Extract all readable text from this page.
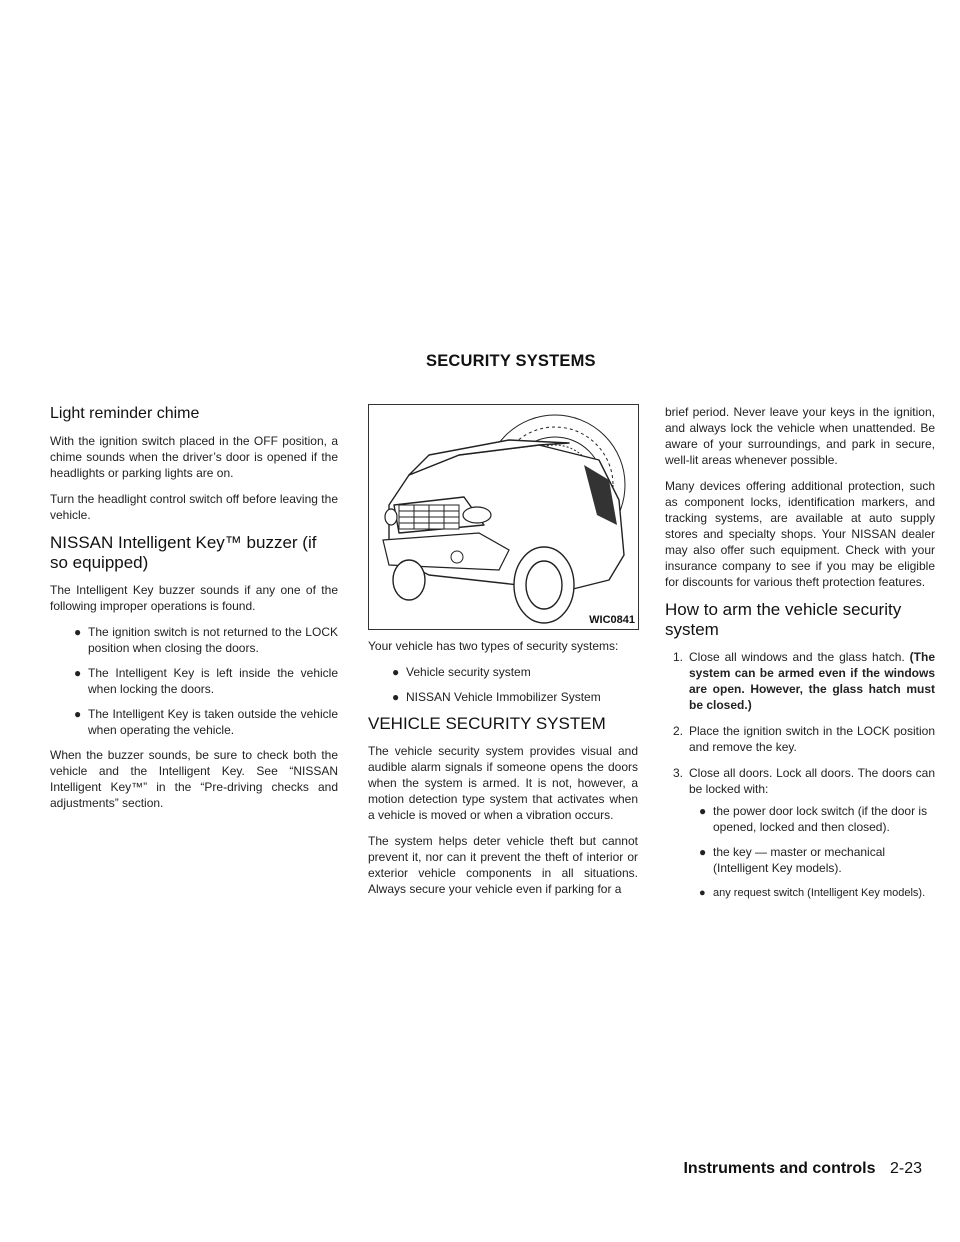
SECURITY SYSTEMS
Light reminder chime

With the ignition switch placed in the OFF position, a chime sounds when the driver’s door is opened if the headlights or parking lights are on.

Turn the headlight control switch off before leaving the vehicle.

NISSAN Intelligent Key™ buzzer (if so equipped)

The Intelligent Key buzzer sounds if any one of the following improper operations is found.

● The ignition switch is not returned to the LOCK position when closing the doors.
● The Intelligent Key is left inside the vehicle when locking the doors.
● The Intelligent Key is taken outside the vehicle when operating the vehicle.

When the buzzer sounds, be sure to check both the vehicle and the Intelligent Key. See “NISSAN Intelligent Key™” in the “Pre-driving checks and adjustments” section.

WIC0841

Your vehicle has two types of security systems:

● Vehicle security system
● NISSAN Vehicle Immobilizer System
VEHICLE SECURITY SYSTEM

The vehicle security system provides visual and audible alarm signals if someone opens the doors when the system is armed. It is not, however, a motion detection type system that activates when a vehicle is moved or when a vibration occurs.

The system helps deter vehicle theft but cannot prevent it, nor can it prevent the theft of interior or exterior vehicle components in all situations. Always secure your vehicle even if parking for a

brief period. Never leave your keys in the ignition, and always lock the vehicle when unattended. Be aware of your surroundings, and park in secure, well-lit areas whenever possible.

Many devices offering additional protection, such as component locks, identification markers, and tracking systems, are available at auto supply stores and specialty shops. Your NISSAN dealer may also offer such equipment. Check with your insurance company to see if you may be eligible for discounts for various theft protection features.

How to arm the vehicle security system
1. Close all windows and the glass hatch. (The system can be armed even if the windows are open. However, the glass hatch must be closed.)
2. Place the ignition switch in the LOCK position and remove the key.
3. Close all doors. Lock all doors. The doors can be locked with:
● the power door lock switch (if the door is opened, locked and then closed).
● the key — master or mechanical (Intelligent Key models).
● any request switch (Intelligent Key models).
Instruments and controls 2-23
